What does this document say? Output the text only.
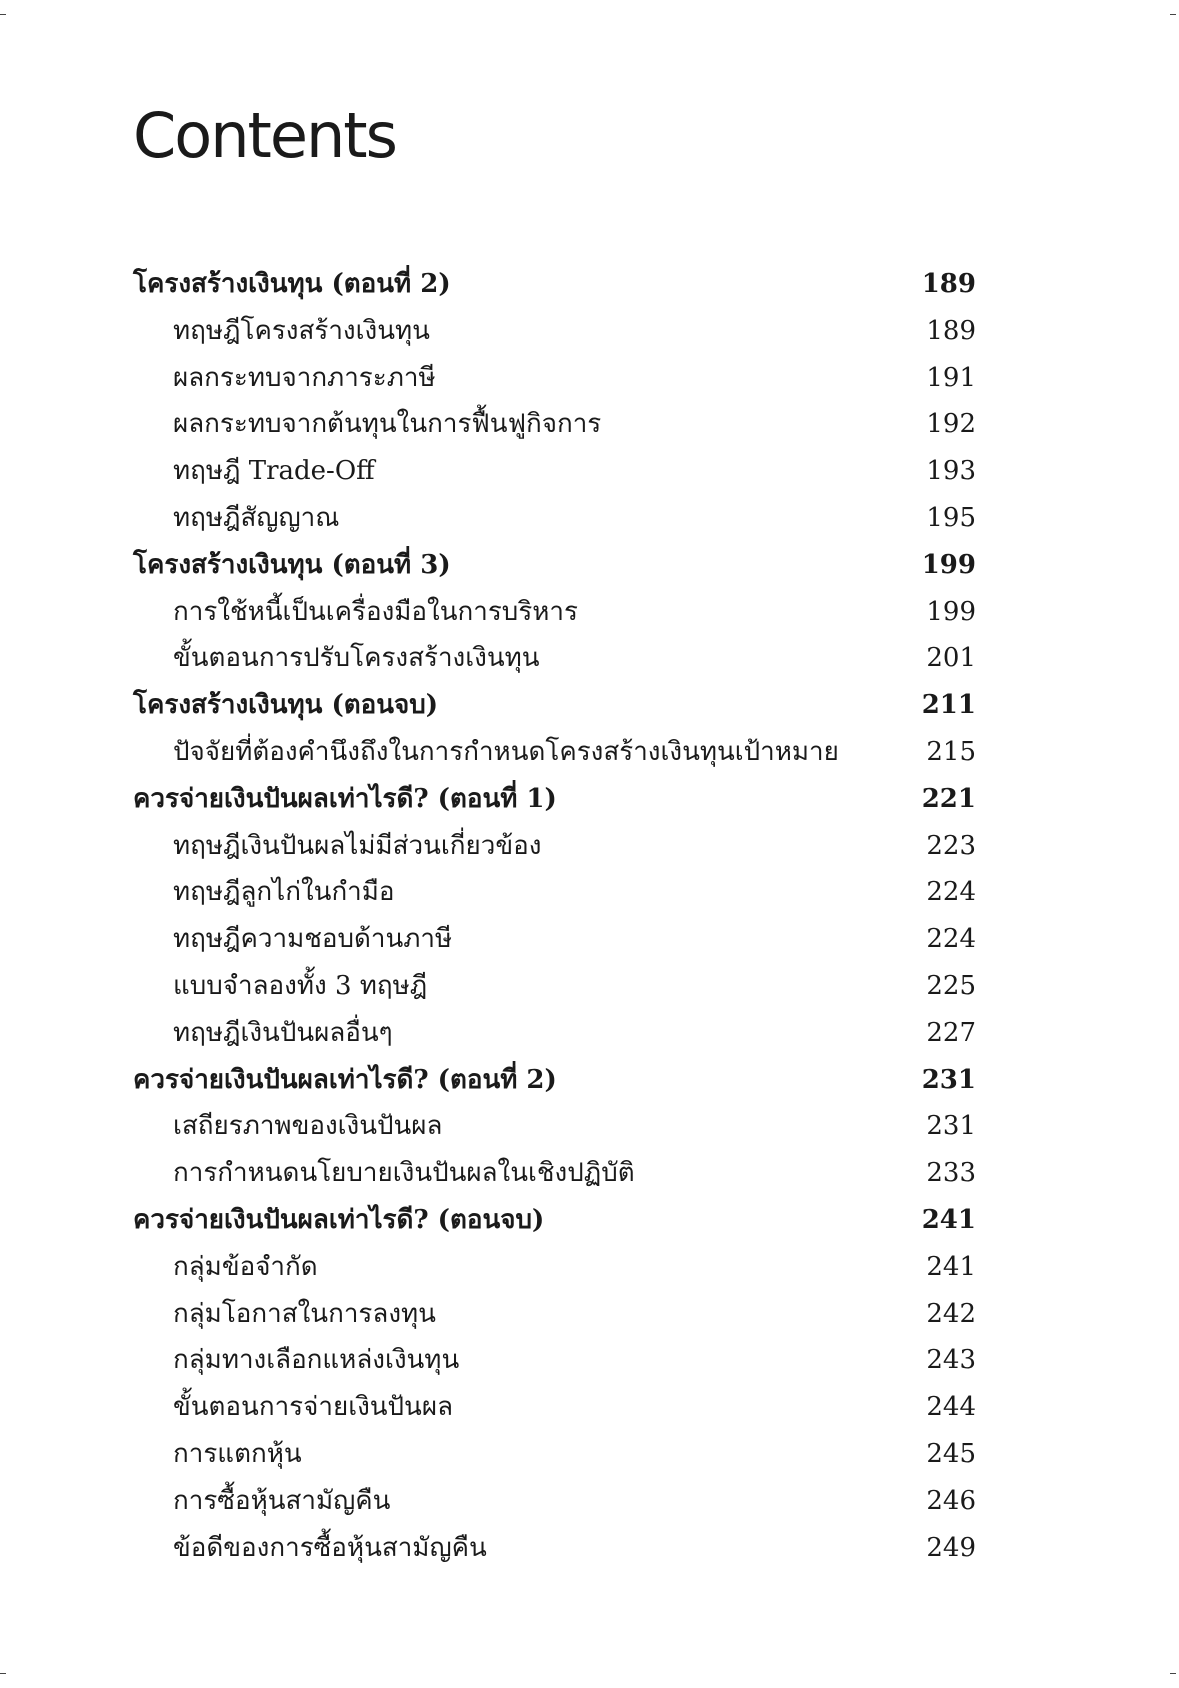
Contents
โครงสร้างเงินทุน (ตอนที่ 2)	189
ทฤษฎีโครงสร้างเงินทุน	189
ผลกระทบจากภาระภาษี	191
ผลกระทบจากต้นทุนในการฟื้นฟูกิจการ	192
ทฤษฎี Trade-Off	193
ทฤษฎีสัญญาณ	195
โครงสร้างเงินทุน (ตอนที่ 3)	199
การใช้หนี้เป็นเครื่องมือในการบริหาร	199
ขั้นตอนการปรับโครงสร้างเงินทุน	201
โครงสร้างเงินทุน (ตอนจบ)	211
ปัจจัยที่ต้องคำนึงถึงในการกำหนดโครงสร้างเงินทุนเป้าหมาย	215
ควรจ่ายเงินปันผลเท่าไรดี? (ตอนที่ 1)	221
ทฤษฎีเงินปันผลไม่มีส่วนเกี่ยวข้อง	223
ทฤษฎีลูกไก่ในกำมือ	224
ทฤษฎีความชอบด้านภาษี	224
แบบจำลองทั้ง 3 ทฤษฎี	225
ทฤษฎีเงินปันผลอื่นๆ	227
ควรจ่ายเงินปันผลเท่าไรดี? (ตอนที่ 2)	231
เสถียรภาพของเงินปันผล	231
การกำหนดนโยบายเงินปันผลในเชิงปฏิบัติ	233
ควรจ่ายเงินปันผลเท่าไรดี? (ตอนจบ)	241
กลุ่มข้อจำกัด	241
กลุ่มโอกาสในการลงทุน	242
กลุ่มทางเลือกแหล่งเงินทุน	243
ขั้นตอนการจ่ายเงินปันผล	244
การแตกหุ้น	245
การซื้อหุ้นสามัญคืน	246
ข้อดีของการซื้อหุ้นสามัญคืน	249
